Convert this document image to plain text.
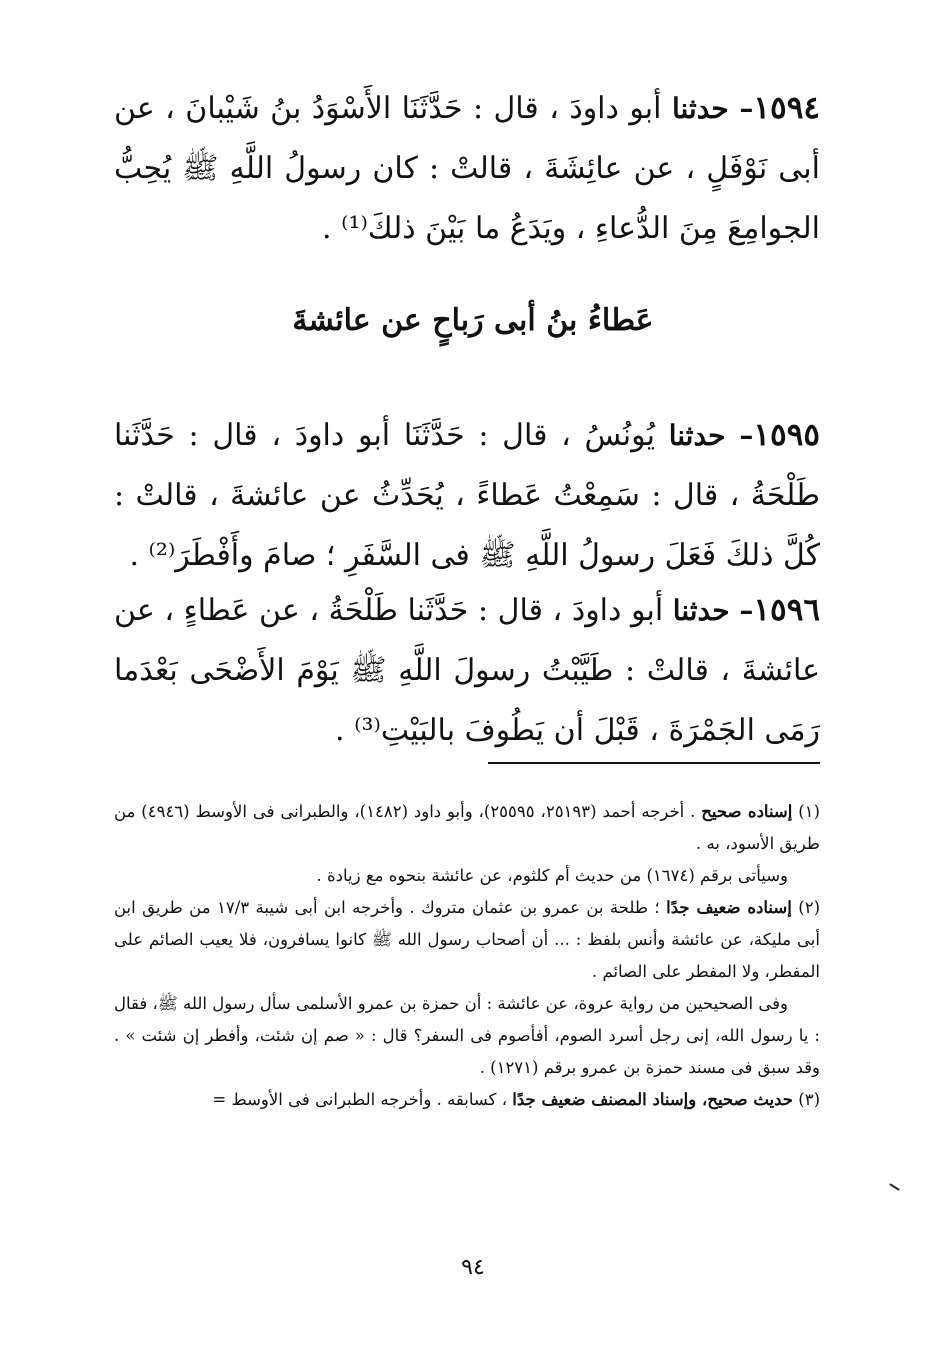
١٥٩٤– حدثنا أبو داودَ ، قال : حَدَّثَنَا الأَسْوَدُ بنُ شَيْبانَ ، عن أبى نَوْفَلٍ ، عن عائِشَةَ ، قالتْ : كان رسولُ اللَّهِ ﷺ يُحِبُّ الجوامِعَ مِنَ الدُّعاءِ ، ويَدَعُ ما بَيْنَ ذلكَ⁽¹⁾ .
عَطاءُ بنُ أبى رَباحٍ عن عائشةَ
١٥٩٥– حدثنا يُونُسُ ، قال : حَدَّثَنَا أبو داودَ ، قال : حَدَّثَنا طَلْحَةُ ، قال : سَمِعْتُ عَطاءً ، يُحَدِّثُ عن عائشةَ ، قالتْ : كُلَّ ذلكَ فَعَلَ رسولُ اللَّهِ ﷺ فى السَّفَرِ ؛ صامَ وأَفْطَرَ⁽²⁾ .
١٥٩٦– حدثنا أبو داودَ ، قال : حَدَّثَنا طَلْحَةُ ، عن عَطاءٍ ، عن عائشةَ ، قالتْ : طَيَّبْتُ رسولَ اللَّهِ ﷺ يَوْمَ الأَضْحَى بَعْدَما رَمَى الجَمْرَةَ ، قَبْلَ أن يَطُوفَ بالبَيْتِ⁽³⁾ .

(١) إسناده صحيح . أخرجه أحمد (٢٥١٩٣، ٢٥٥٩٥)، وأبو داود (١٤٨٢)، والطبرانى فى الأوسط (٤٩٤٦) من طريق الأسود، به .

وسيأتى برقم (١٦٧٤) من حديث أم كلثوم، عن عائشة بنحوه مع زيادة .

(٢) إسناده ضعيف جدًا ؛ طلحة بن عمرو بن عثمان متروك . وأخرجه ابن أبى شيبة ١٧/٣ من طريق ابن أبى مليكة، عن عائشة وأنس بلفظ : ... أن أصحاب رسول الله ﷺ كانوا يسافرون، فلا يعيب الصائم على المفطر، ولا المفطر على الصائم .

وفى الصحيحين من رواية عروة، عن عائشة : أن حمزة بن عمرو الأسلمى سأل رسول الله ﷺ، فقال : يا رسول الله، إنى رجل أسرد الصوم، أفأصوم فى السفر؟ قال : « صم إن شئت، وأفطر إن شئت » . وقد سبق فى مسند حمزة بن عمرو برقم (١٢٧١) .

(٣) حديث صحيح، وإسناد المصنف ضعيف جدًا ، كسابقه . وأخرجه الطبرانى فى الأوسط =

٩٤
